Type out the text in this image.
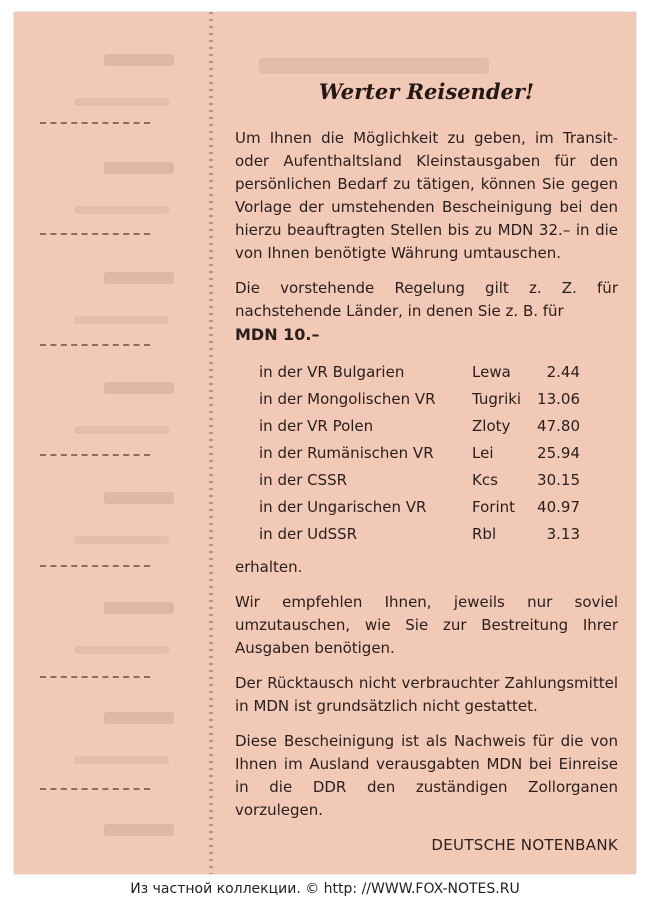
Werter Reisender!

Um Ihnen die Möglichkeit zu geben, im Transit- oder Aufenthaltsland Kleinstausgaben für den persönlichen Bedarf zu tätigen, können Sie gegen Vorlage der umstehenden Bescheinigung bei den hierzu beauftragten Stellen bis zu MDN 32.– in die von Ihnen benötigte Währung umtauschen.

Die vorstehende Regelung gilt z. Z. für nachstehende Länder, in denen Sie z. B. für
MDN 10.–

in der VR Bulgarien	Lewa	2.44
in der Mongolischen VR	Tugriki	13.06
in der VR Polen	Zloty	47.80
in der Rumänischen VR	Lei	25.94
in der CSSR	Kcs	30.15
in der Ungarischen VR	Forint	40.97
in der UdSSR	Rbl	3.13

erhalten.

Wir empfehlen Ihnen, jeweils nur soviel umzutauschen, wie Sie zur Bestreitung Ihrer Ausgaben benötigen.

Der Rücktausch nicht verbrauchter Zahlungsmittel in MDN ist grundsätzlich nicht gestattet.

Diese Bescheinigung ist als Nachweis für die von Ihnen im Ausland verausgabten MDN bei Einreise in die DDR den zuständigen Zollorganen vorzulegen.

DEUTSCHE NOTENBANK
Из частной коллекции. © http: //WWW.FOX-NOTES.RU
